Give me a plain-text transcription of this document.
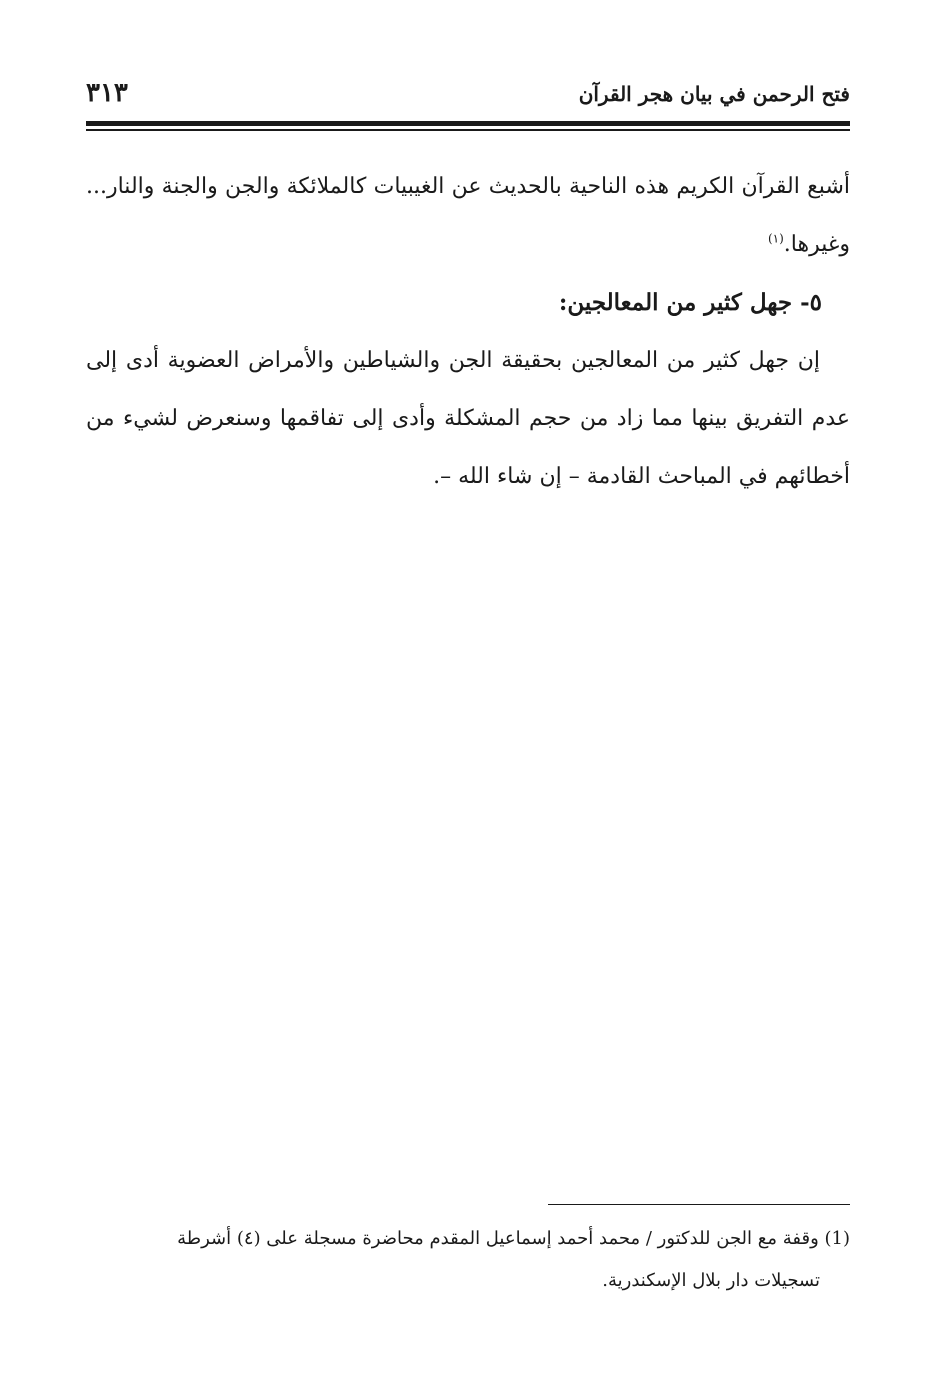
فتح الرحمن في بيان هجر القرآن
٣١٣

أشبع القرآن الكريم هذه الناحية بالحديث عن الغيبيات كالملائكة والجن والجنة والنار... وغيرها.$^{(١)}$

٥- جهل كثير من المعالجين:

إن جهل كثير من المعالجين بحقيقة الجن والشياطين والأمراض العضوية أدى إلى عدم التفريق بينها مما زاد من حجم المشكلة وأدى إلى تفاقمها وسنعرض لشيء من أخطائهم في المباحث القادمة – إن شاء الله –.

(1) وقفة مع الجن للدكتور / محمد أحمد إسماعيل المقدم محاضرة مسجلة على (٤) أشرطة

تسجيلات دار بلال الإسكندرية.
